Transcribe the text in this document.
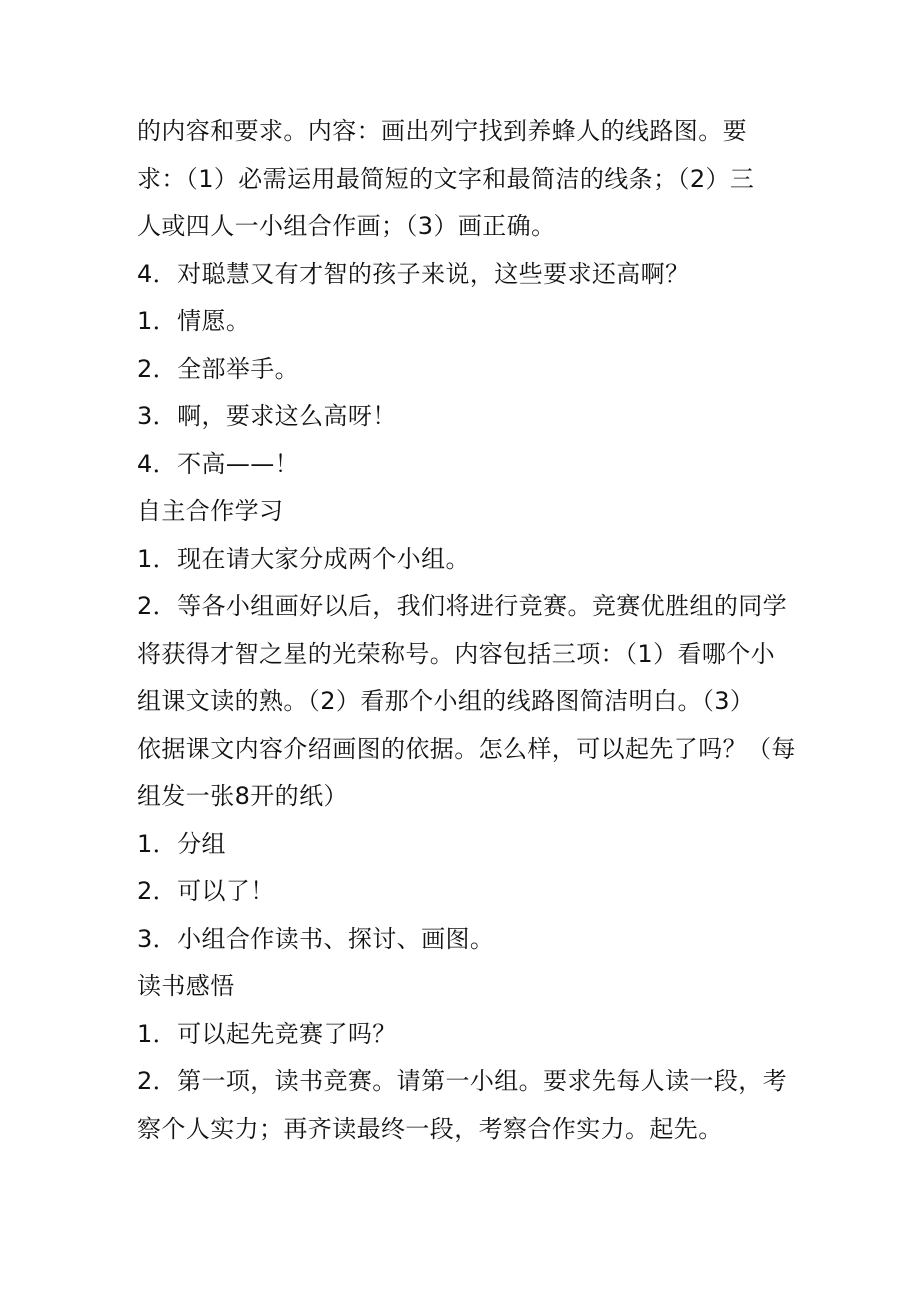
的内容和要求。内容：画出列宁找到养蜂人的线路图。要
求：（1）必需运用最简短的文字和最简洁的线条；（2）三
人或四人一小组合作画；（3）画正确。
4．对聪慧又有才智的孩子来说，这些要求还高啊？
1．情愿。
2．全部举手。
3．啊，要求这么高呀！
4．不高——！
自主合作学习
1．现在请大家分成两个小组。
2．等各小组画好以后，我们将进行竞赛。竞赛优胜组的同学
将获得才智之星的光荣称号。内容包括三项：（1）看哪个小
组课文读的熟。（2）看那个小组的线路图简洁明白。（3）
依据课文内容介绍画图的依据。怎么样，可以起先了吗？（每
组发一张8开的纸）
1．分组
2．可以了！
3．小组合作读书、探讨、画图。
读书感悟
1．可以起先竞赛了吗？
2．第一项，读书竞赛。请第一小组。要求先每人读一段，考
察个人实力；再齐读最终一段，考察合作实力。起先。
